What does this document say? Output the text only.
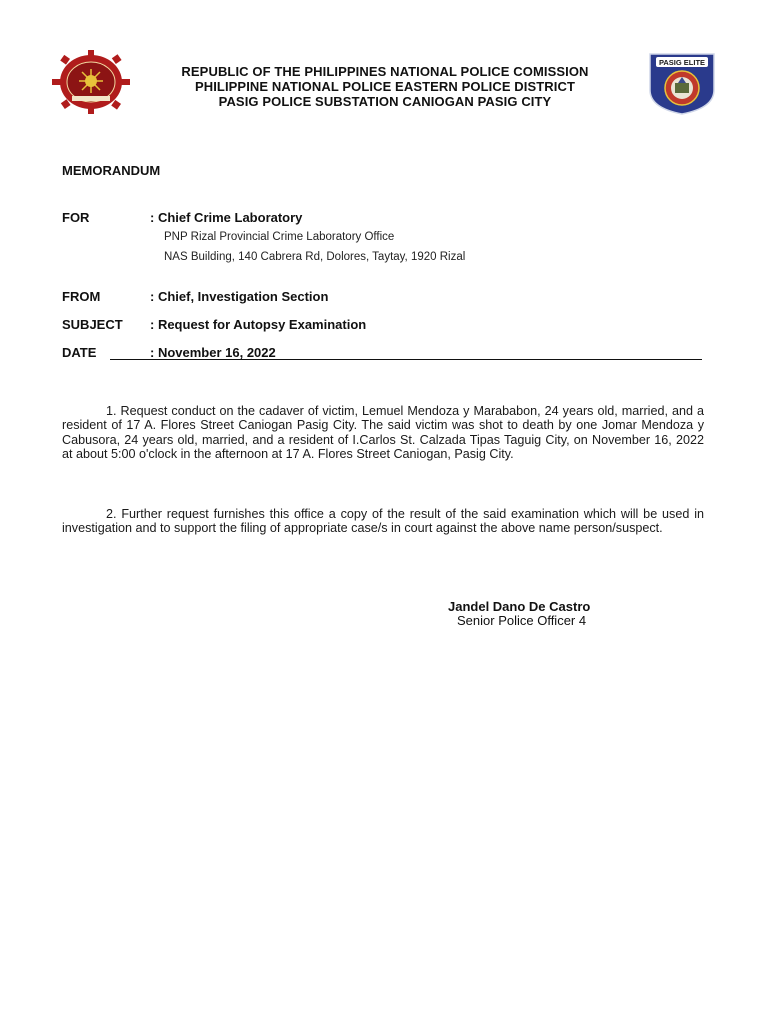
REPUBLIC OF THE PHILIPPINES NATIONAL POLICE COMISSION
PHILIPPINE NATIONAL POLICE EASTERN POLICE DISTRICT
PASIG POLICE SUBSTATION CANIOGAN PASIG CITY
PASIG ELITE
MEMORANDUM
FOR	: Chief Crime Laboratory
PNP Rizal Provincial Crime Laboratory Office
NAS Building, 140 Cabrera Rd, Dolores, Taytay, 1920 Rizal
FROM	: Chief, Investigation Section
SUBJECT : Request for Autopsy Examination
DATE	: November 16, 2022
1. Request conduct on the cadaver of victim, Lemuel Mendoza y Marababon, 24 years old, married, and a resident of 17 A. Flores Street Caniogan Pasig City. The said victim was shot to death by one Jomar Mendoza y Cabusora, 24 years old, married, and a resident of I.Carlos St. Calzada Tipas Taguig City, on November 16, 2022 at about 5:00 o'clock in the afternoon at 17 A. Flores Street Caniogan, Pasig City.
2. Further request furnishes this office a copy of the result of the said examination which will be used in investigation and to support the filing of appropriate case/s in court against the above name person/suspect.
Jandel Dano De Castro
Senior Police Officer 4
